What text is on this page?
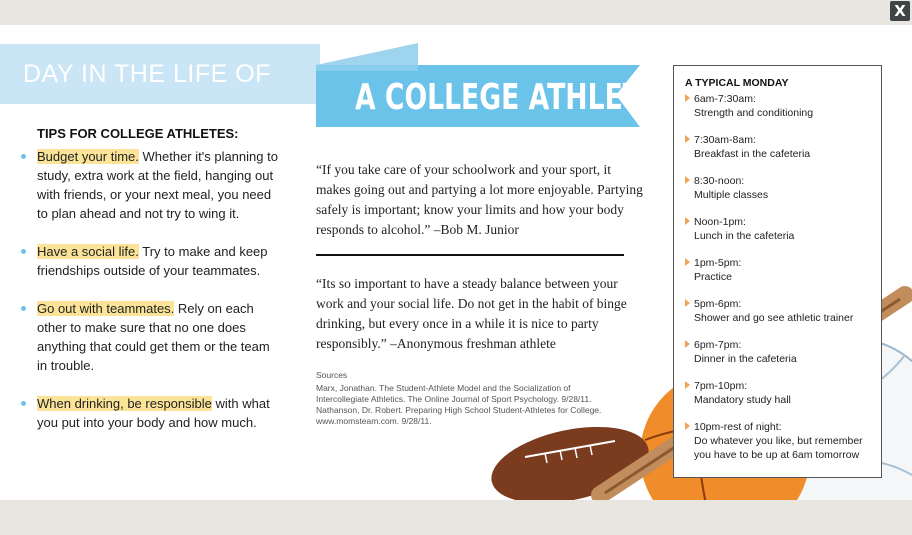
X
DAY IN THE LIFE OF
A COLLEGE ATHLETE
TIPS FOR COLLEGE ATHLETES:
Budget your time. Whether it's planning to study, extra work at the field, hanging out with friends, or your next meal, you need to plan ahead and not try to wing it.
Have a social life. Try to make and keep friendships outside of your teammates.
Go out with teammates. Rely on each other to make sure that no one does anything that could get them or the team in trouble.
When drinking, be responsible with what you put into your body and how much.

“If you take care of your schoolwork and your sport, it makes going out and partying a lot more enjoyable. Partying safely is important; know your limits and how your body responds to alcohol.” –Bob M. Junior

“Its so important to have a steady balance between your work and your social life. Do not get in the habit of binge drinking, but every once in a while it is nice to party responsibly.” –Anonymous freshman athlete

Sources

Marx, Jonathan. The Student-Athlete Model and the Socialization of

Intercollegiate Athletics. The Online Journal of Sport Psychology. 9/28/11.

Nathanson, Dr. Robert. Preparing High School Student-Athletes for College.

www.momsteam.com. 9/28/11.

A TYPICAL MONDAY
6am-7:30am:
Strength and conditioning
7:30am-8am:
Breakfast in the cafeteria
8:30-noon:
Multiple classes
Noon-1pm:
Lunch in the cafeteria
1pm-5pm:
Practice
5pm-6pm:
Shower and go see athletic trainer
6pm-7pm:
Dinner in the cafeteria
7pm-10pm:
Mandatory study hall
10pm-rest of night:
Do whatever you like, but remember you have to be up at 6am tomorrow
